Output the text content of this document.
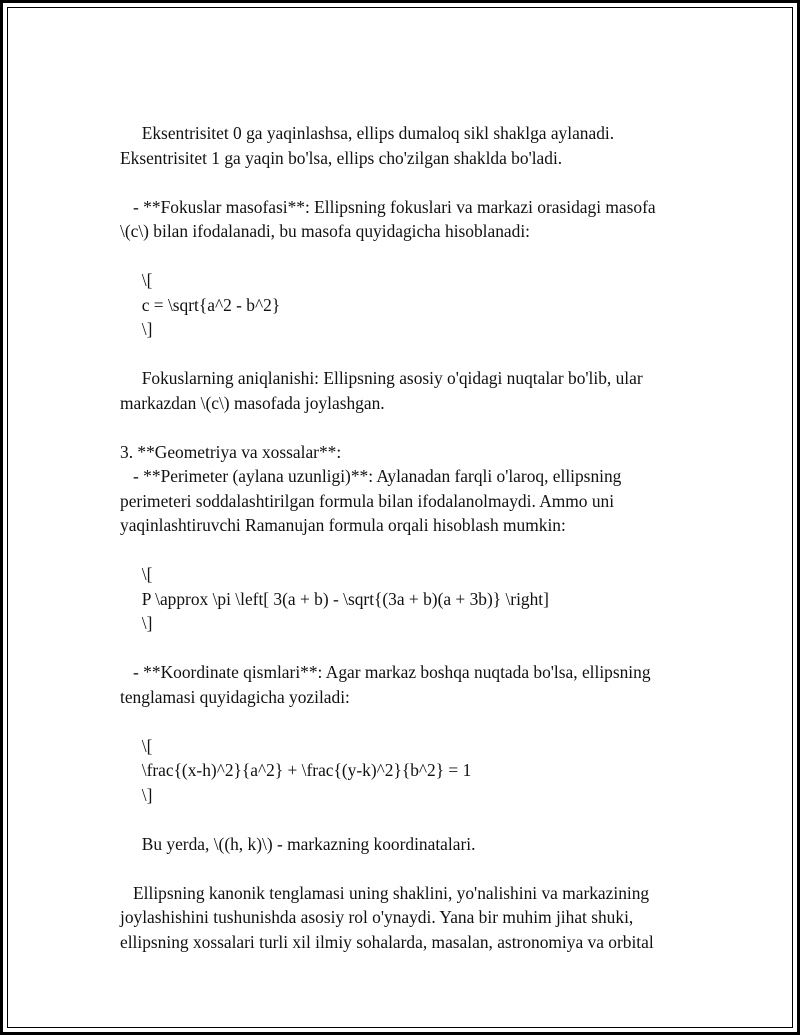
Eksentrisitet 0 ga yaqinlashsa, ellips dumaloq sikl shaklga aylanadi.
Eksentrisitet 1 ga yaqin bo'lsa, ellips cho'zilgan shaklda bo'ladi.
- **Fokuslar masofasi**: Ellipsning fokuslari va markazi orasidagi masofa
\(c\) bilan ifodalanadi, bu masofa quyidagicha hisoblanadi:
\[
c = \sqrt{a^2 - b^2}
\]
Fokuslarning aniqlanishi: Ellipsning asosiy o'qidagi nuqtalar bo'lib, ular
markazdan \(c\) masofada joylashgan.
3. **Geometriya va xossalar**:
- **Perimeter (aylana uzunligi)**: Aylanadan farqli o'laroq, ellipsning
perimeteri soddalashtirilgan formula bilan ifodalanolmaydi. Ammo uni
yaqinlashtiruvchi Ramanujan formula orqali hisoblash mumkin:
\[
P \approx \pi \left[ 3(a + b) - \sqrt{(3a + b)(a + 3b)} \right]
\]
- **Koordinate qismlari**: Agar markaz boshqa nuqtada bo'lsa, ellipsning
tenglamasi quyidagicha yoziladi:
\[
\frac{(x-h)^2}{a^2} + \frac{(y-k)^2}{b^2} = 1
\]
Bu yerda, \((h, k)\) - markazning koordinatalari.
Ellipsning kanonik tenglamasi uning shaklini, yo'nalishini va markazining
joylashishini tushunishda asosiy rol o'ynaydi. Yana bir muhim jihat shuki,
ellipsning xossalari turli xil ilmiy sohalarda, masalan, astronomiya va orbital
